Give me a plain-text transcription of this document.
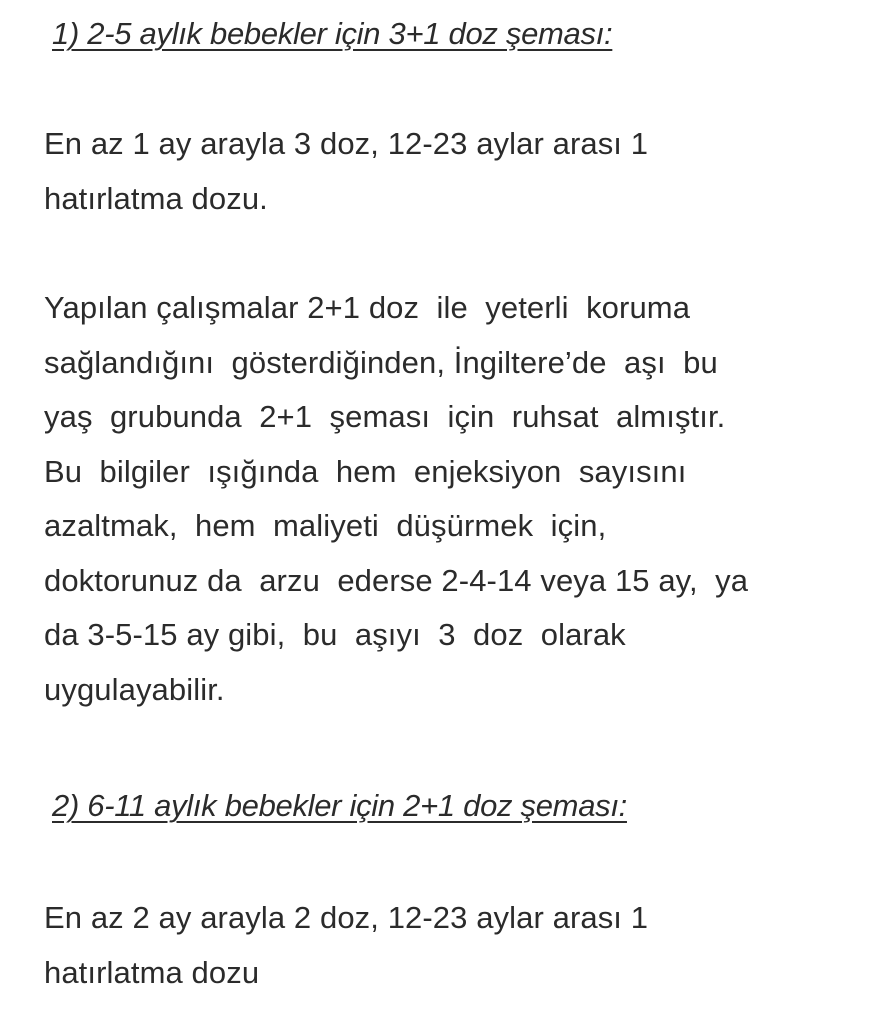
1) 2-5 aylık bebekler için 3+1 doz şeması:
En az 1 ay arayla 3 doz, 12-23 aylar arası 1
hatırlatma dozu.
Yapılan çalışmalar 2+1 doz  ile  yeterli  koruma
sağlandığını  gösterdiğinden, İngiltere’de  aşı  bu
yaş  grubunda  2+1  şeması  için  ruhsat  almıştır.
Bu  bilgiler  ışığında  hem  enjeksiyon  sayısını
azaltmak,  hem  maliyeti  düşürmek  için,
doktorunuz da  arzu  ederse 2-4-14 veya 15 ay,  ya
da 3-5-15 ay gibi,  bu  aşıyı  3  doz  olarak
uygulayabilir.
2) 6-11 aylık bebekler için 2+1 doz şeması:
En az 2 ay arayla 2 doz, 12-23 aylar arası 1
hatırlatma dozu
